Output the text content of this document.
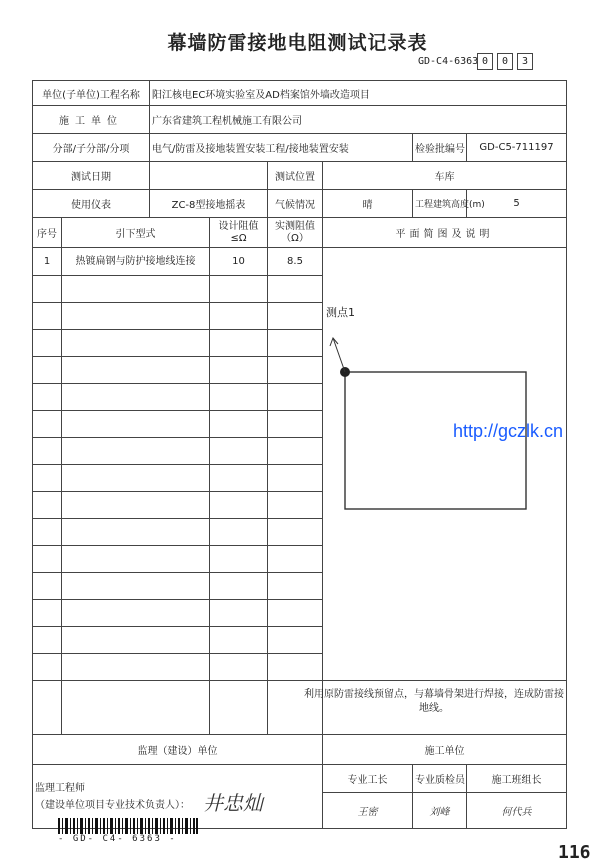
幕墙防雷接地电阻测试记录表
GD-C4-6363 0	0	3
单位(子单位)工程名称		阳江核电EC环境实验室及AD档案馆外墙改造项目					
施工单位		广东省建筑工程机械施工有限公司					
分部/子分部/分项		电气/防雷及接地装置安装工程/接地装置安装				检验批编号	GD-C5-711197
测试日期				测试位置	车库		
使用仪表		ZC-8型接地摇表		气候情况	晴	工程建筑高度(m)	5
序号	引下型式		设计阻值≤Ω	实测阻值（Ω）	平面简图及说明		
1	热镀扁钢与防护接地线连接		10	8.5			

监理（建设）单位					施工单位		

监理工程师
（建设单位项目专业技术负责人）： 井忠灿					专业工长	专业质检员	施工班组长
					王密	刘峰	何代兵
测点1
http://gczlk.cn
利用原防雷接线预留点，与幕墙骨架进行焊接，连成防雷接地线。
- GD- C4- 6363 -
116
